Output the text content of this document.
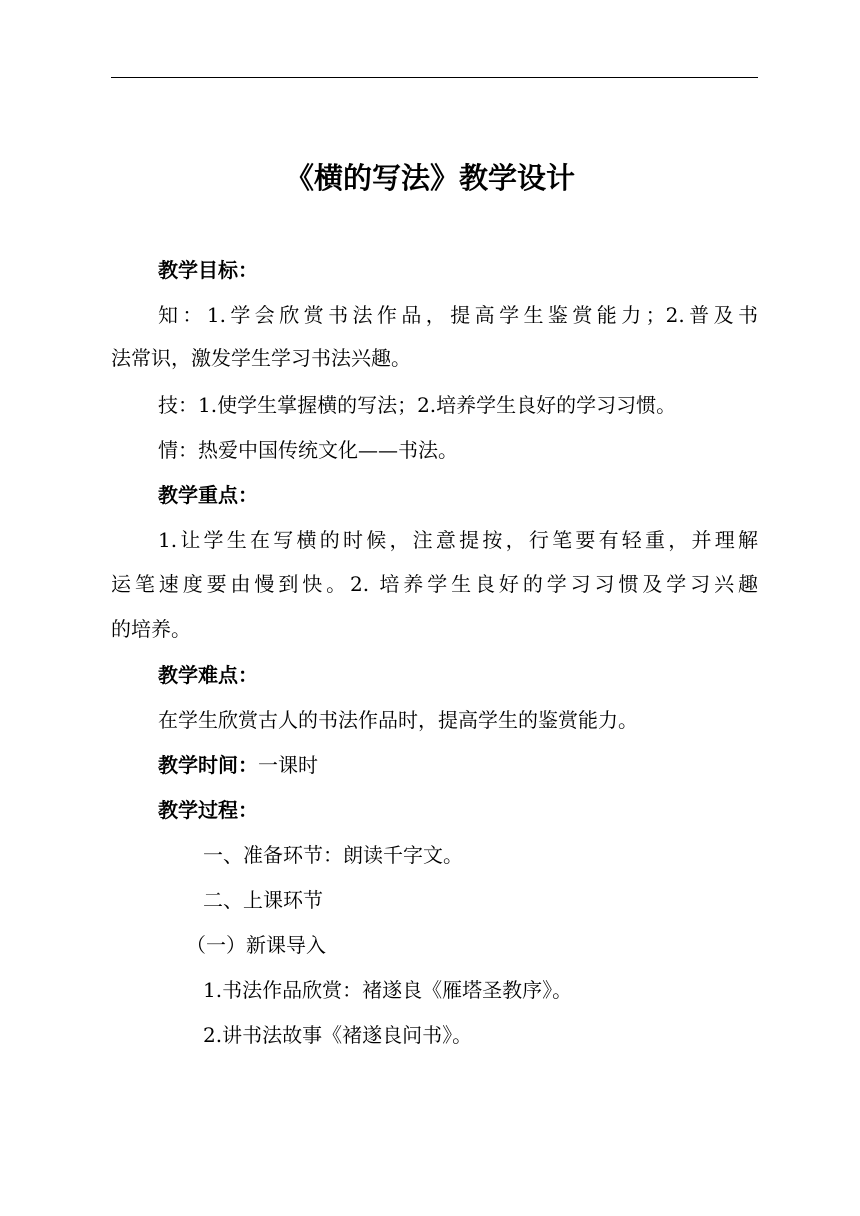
《横的写法》教学设计
教学目标：
知：1.学会欣赏书法作品，提高学生鉴赏能力；2.普及书
法常识，激发学生学习书法兴趣。
技：1.使学生掌握横的写法；2.培养学生良好的学习习惯。
情：热爱中国传统文化——书法。
教学重点：
1.让学生在写横的时候，注意提按，行笔要有轻重，并理解
运笔速度要由慢到快。2. 培养学生良好的学习习惯及学习兴趣
的培养。
教学难点：
在学生欣赏古人的书法作品时，提高学生的鉴赏能力。
教学时间：一课时
教学过程：
一、准备环节：朗读千字文。
二、上课环节
（一）新课导入
1.书法作品欣赏：褚遂良《雁塔圣教序》。
2.讲书法故事《褚遂良问书》。
